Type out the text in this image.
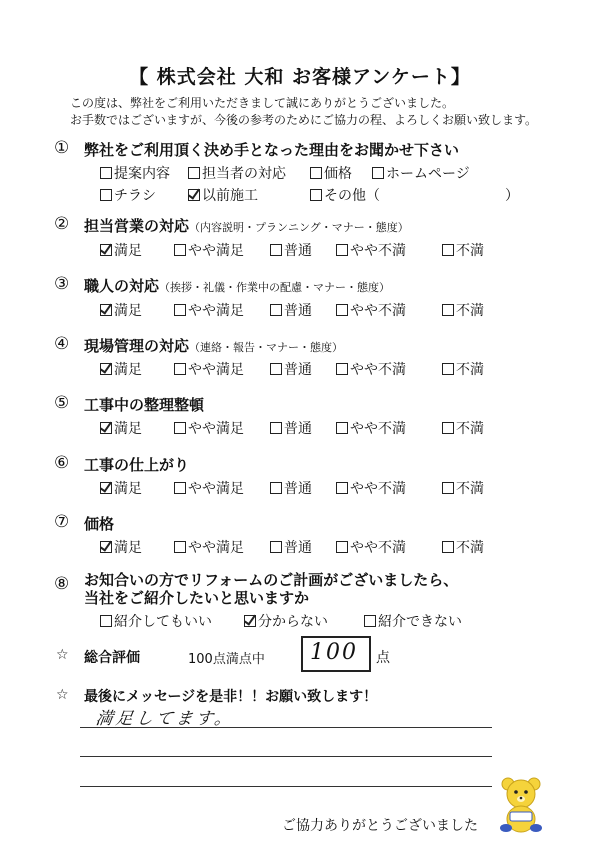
【 株式会社 大和 お客様アンケート】
この度は、弊社をご利用いただきまして誠にありがとうございました。
お手数ではございますが、今後の参考のためにご協力の程、よろしくお願い致します。
① 弊社をご利用頂く決め手となった理由をお聞かせ下さい
提案内容 担当者の対応	価格 ホームページ
チラシ	以前施工	その他（	）
② 担当営業の対応（内容説明・プランニング・マナー・態度）
満足	やや満足	普通	やや不満	不満
③ 職人の対応（挨拶・礼儀・作業中の配慮・マナー・態度）
満足	やや満足	普通	やや不満	不満
④ 現場管理の対応（連絡・報告・マナー・態度）
満足	やや満足	普通	やや不満	不満
⑤ 工事中の整理整頓
満足	やや満足	普通	やや不満	不満
⑥ 工事の仕上がり
満足	やや満足	普通	やや不満	不満
⑦ 価格
満足	やや満足	普通	やや不満	不満
⑧ お知合いの方でリフォームのご計画がございましたら、
当社をご紹介したいと思いますか
紹介してもいい	分からない	紹介できない
☆ 総合評価	100点満点中	100	点
☆ 最後にメッセージを是非！！お願い致します！
満足してます。
ご協力ありがとうございました
